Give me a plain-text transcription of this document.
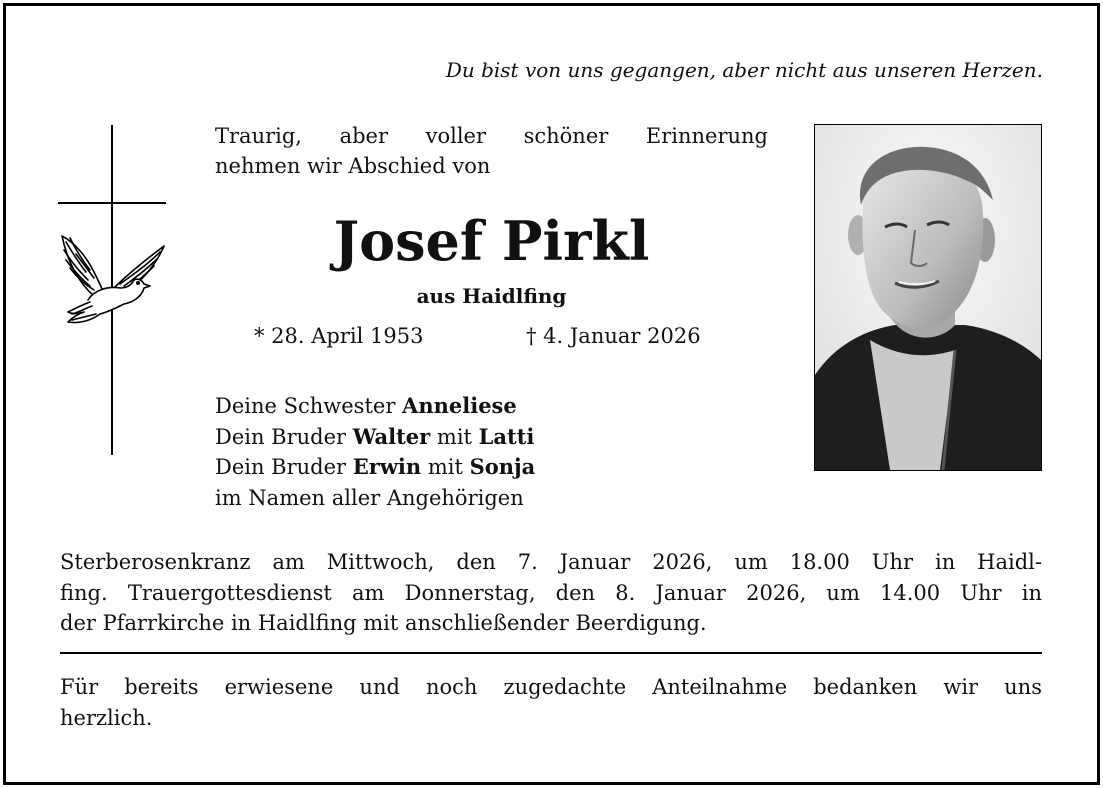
Du bist von uns gegangen, aber nicht aus unseren Herzen.
Traurig, aber voller schöner Erinnerung
nehmen wir Abschied von
Josef Pirkl
aus Haidlfing
* 28. April 1953	† 4. Januar 2026
Deine Schwester Anneliese
Dein Bruder Walter mit Latti
Dein Bruder Erwin mit Sonja
im Namen aller Angehörigen
Sterberosenkranz am Mittwoch, den 7. Januar 2026, um 18.00 Uhr in Haidl-
fing. Trauergottesdienst am Donnerstag, den 8. Januar 2026, um 14.00 Uhr in
der Pfarrkirche in Haidlfing mit anschließender Beerdigung.
Für bereits erwiesene und noch zugedachte Anteilnahme bedanken wir uns
herzlich.
